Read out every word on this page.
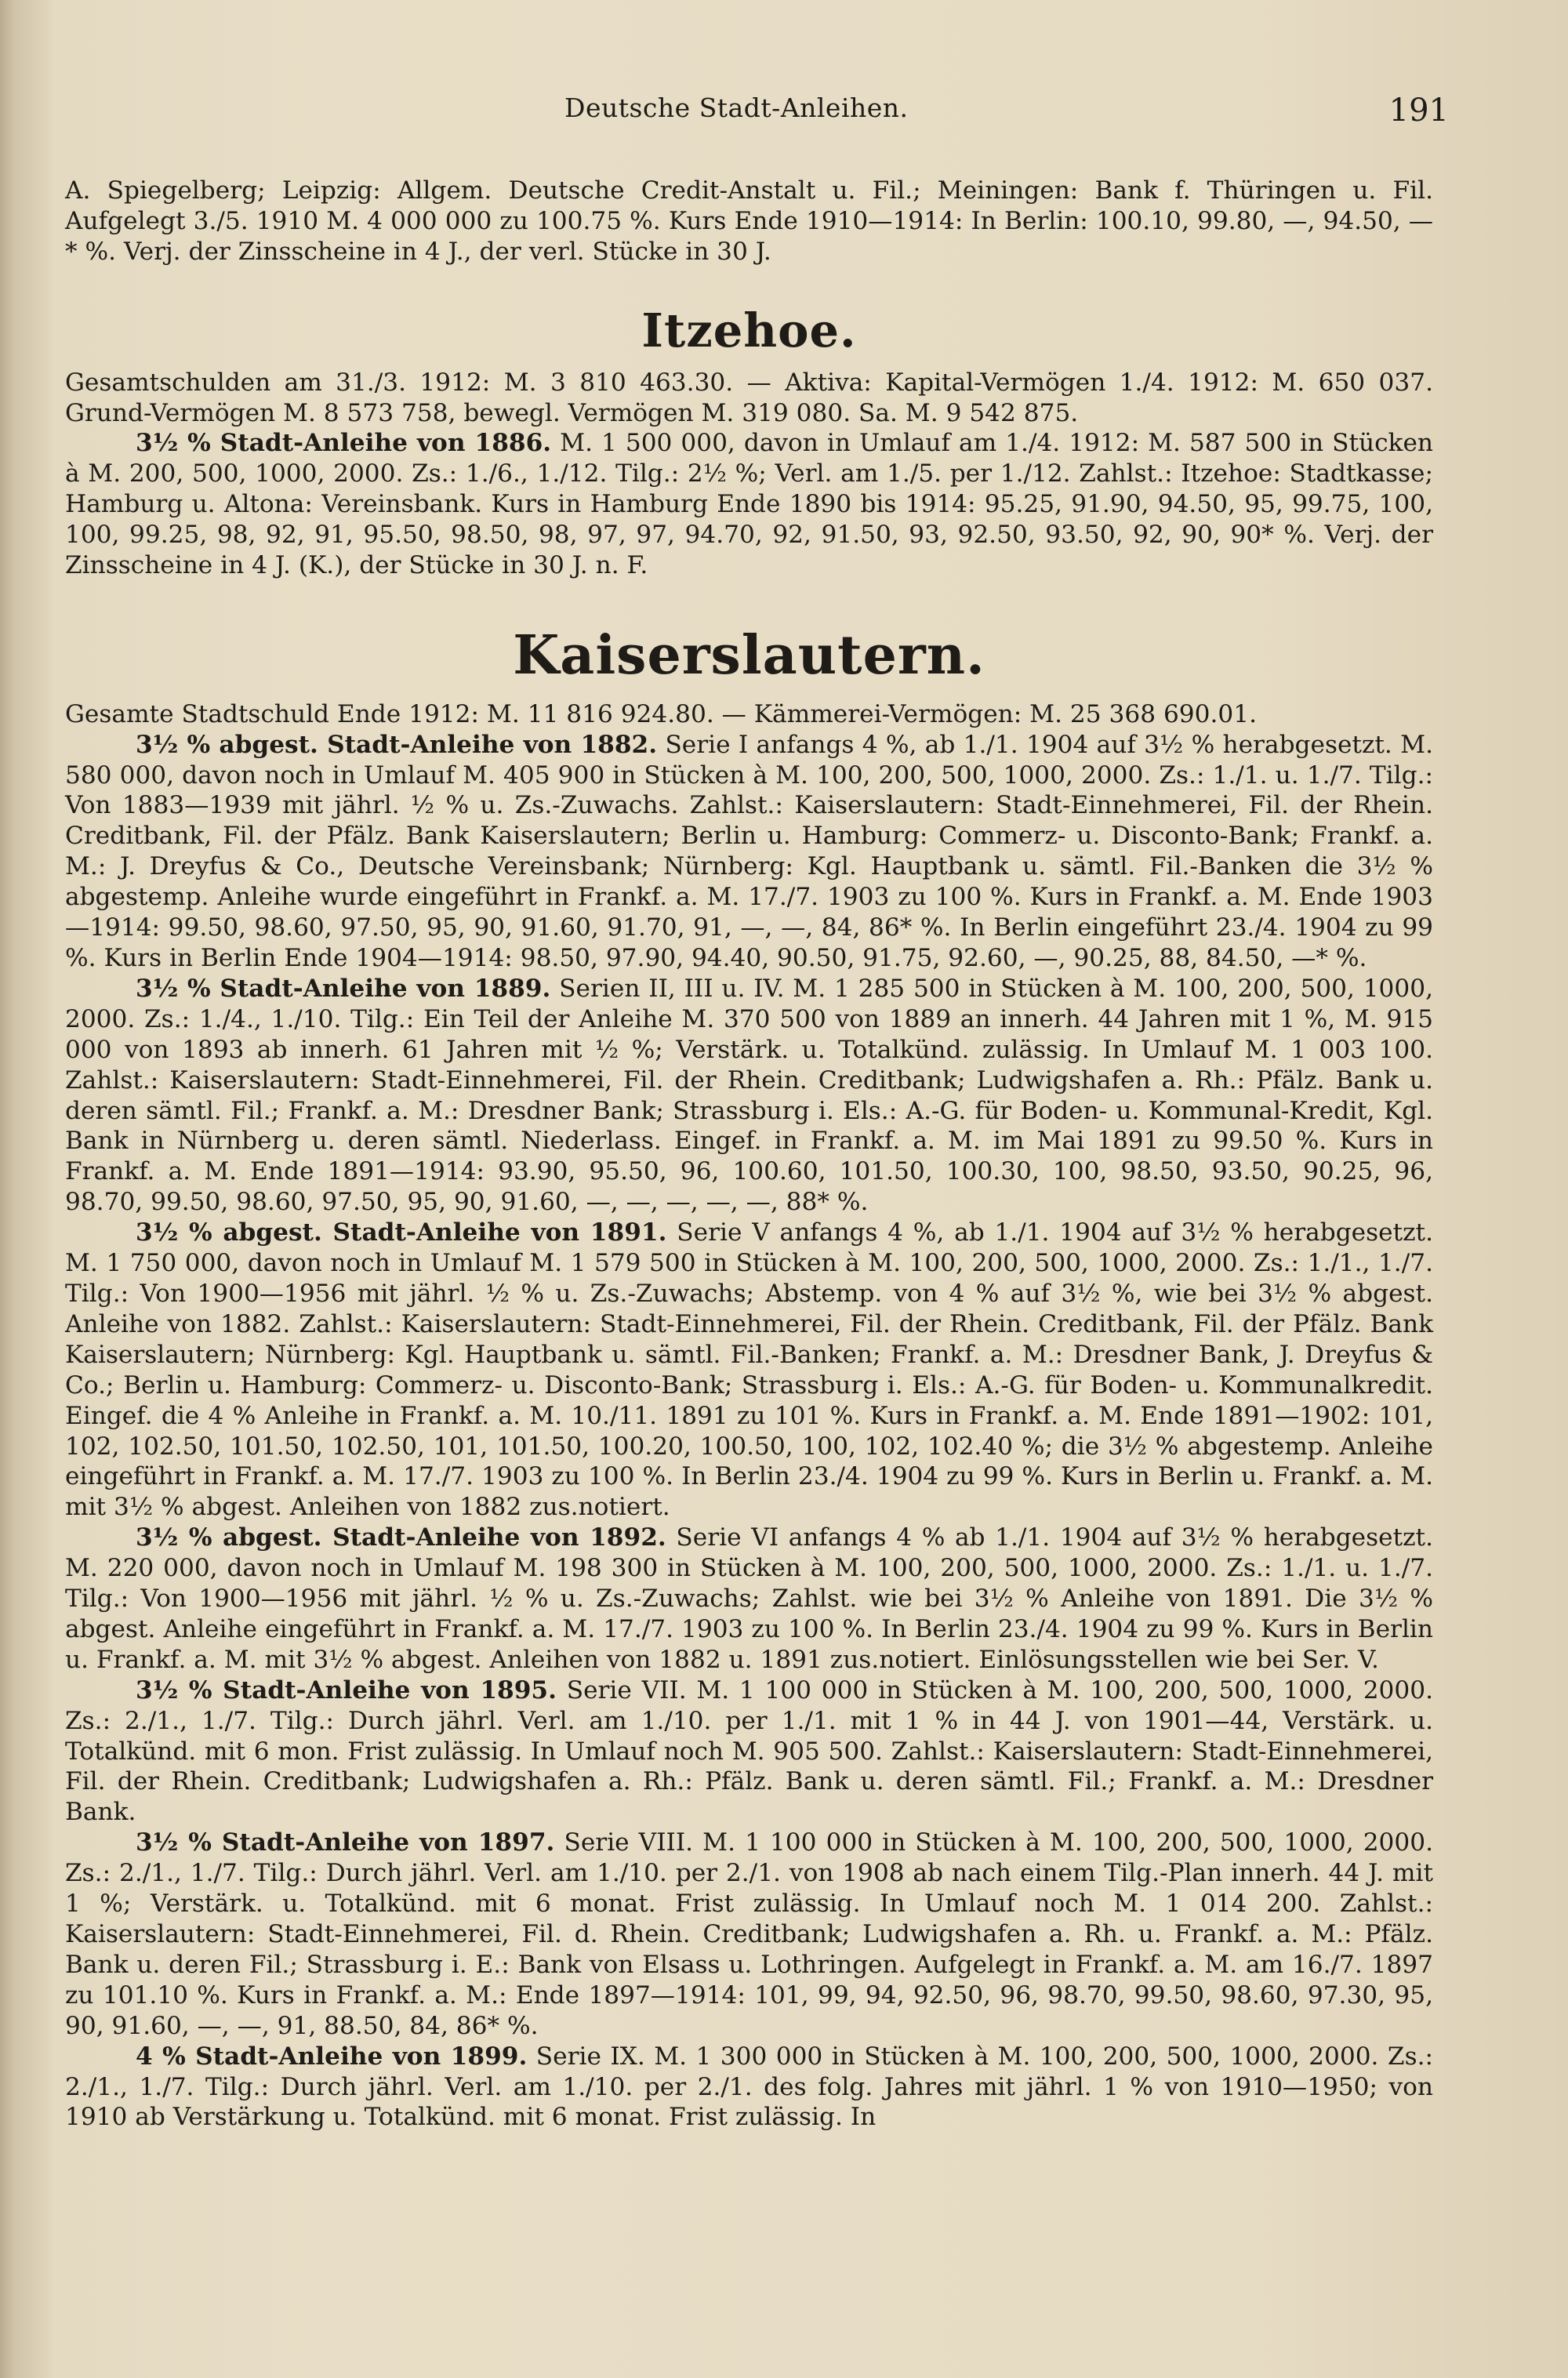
Deutsche Stadt-Anleihen.	191

A. Spiegelberg; Leipzig: Allgem. Deutsche Credit-Anstalt u. Fil.; Meiningen: Bank f. Thüringen u. Fil. Aufgelegt 3./5. 1910 M. 4 000 000 zu 100.75 %. Kurs Ende 1910—1914: In Berlin: 100.10, 99.80, —, 94.50, —* %. Verj. der Zinsscheine in 4 J., der verl. Stücke in 30 J.

Itzehoe.

Gesamtschulden am 31./3. 1912: M. 3 810 463.30. — Aktiva: Kapital-Vermögen 1./4. 1912: M. 650 037. Grund-Vermögen M. 8 573 758, bewegl. Vermögen M. 319 080. Sa. M. 9 542 875.

3½ % Stadt-Anleihe von 1886. M. 1 500 000, davon in Umlauf am 1./4. 1912: M. 587 500 in Stücken à M. 200, 500, 1000, 2000. Zs.: 1./6., 1./12. Tilg.: 2½ %; Verl. am 1./5. per 1./12. Zahlst.: Itzehoe: Stadtkasse; Hamburg u. Altona: Vereinsbank. Kurs in Hamburg Ende 1890 bis 1914: 95.25, 91.90, 94.50, 95, 99.75, 100, 100, 99.25, 98, 92, 91, 95.50, 98.50, 98, 97, 97, 94.70, 92, 91.50, 93, 92.50, 93.50, 92, 90, 90* %. Verj. der Zinsscheine in 4 J. (K.), der Stücke in 30 J. n. F.

Kaiserslautern.

Gesamte Stadtschuld Ende 1912: M. 11 816 924.80. — Kämmerei-Vermögen: M. 25 368 690.01.

3½ % abgest. Stadt-Anleihe von 1882. Serie I anfangs 4 %, ab 1./1. 1904 auf 3½ % herabgesetzt. M. 580 000, davon noch in Umlauf M. 405 900 in Stücken à M. 100, 200, 500, 1000, 2000. Zs.: 1./1. u. 1./7. Tilg.: Von 1883—1939 mit jährl. ½ % u. Zs.-Zuwachs. Zahlst.: Kaiserslautern: Stadt-Einnehmerei, Fil. der Rhein. Creditbank, Fil. der Pfälz. Bank Kaiserslautern; Berlin u. Hamburg: Commerz- u. Disconto-Bank; Frankf. a. M.: J. Dreyfus & Co., Deutsche Vereinsbank; Nürnberg: Kgl. Hauptbank u. sämtl. Fil.-Banken die 3½ % abgestemp. Anleihe wurde eingeführt in Frankf. a. M. 17./7. 1903 zu 100 %. Kurs in Frankf. a. M. Ende 1903—1914: 99.50, 98.60, 97.50, 95, 90, 91.60, 91.70, 91, —, —, 84, 86* %. In Berlin eingeführt 23./4. 1904 zu 99 %. Kurs in Berlin Ende 1904—1914: 98.50, 97.90, 94.40, 90.50, 91.75, 92.60, —, 90.25, 88, 84.50, —* %.

3½ % Stadt-Anleihe von 1889. Serien II, III u. IV. M. 1 285 500 in Stücken à M. 100, 200, 500, 1000, 2000. Zs.: 1./4., 1./10. Tilg.: Ein Teil der Anleihe M. 370 500 von 1889 an innerh. 44 Jahren mit 1 %, M. 915 000 von 1893 ab innerh. 61 Jahren mit ½ %; Verstärk. u. Totalkünd. zulässig. In Umlauf M. 1 003 100. Zahlst.: Kaiserslautern: Stadt-Einnehmerei, Fil. der Rhein. Creditbank; Ludwigshafen a. Rh.: Pfälz. Bank u. deren sämtl. Fil.; Frankf. a. M.: Dresdner Bank; Strassburg i. Els.: A.-G. für Boden- u. Kommunal-Kredit, Kgl. Bank in Nürnberg u. deren sämtl. Niederlass. Eingef. in Frankf. a. M. im Mai 1891 zu 99.50 %. Kurs in Frankf. a. M. Ende 1891—1914: 93.90, 95.50, 96, 100.60, 101.50, 100.30, 100, 98.50, 93.50, 90.25, 96, 98.70, 99.50, 98.60, 97.50, 95, 90, 91.60, —, —, —, —, —, 88* %.

3½ % abgest. Stadt-Anleihe von 1891. Serie V anfangs 4 %, ab 1./1. 1904 auf 3½ % herabgesetzt. M. 1 750 000, davon noch in Umlauf M. 1 579 500 in Stücken à M. 100, 200, 500, 1000, 2000. Zs.: 1./1., 1./7. Tilg.: Von 1900—1956 mit jährl. ½ % u. Zs.-Zuwachs; Abstemp. von 4 % auf 3½ %, wie bei 3½ % abgest. Anleihe von 1882. Zahlst.: Kaiserslautern: Stadt-Einnehmerei, Fil. der Rhein. Creditbank, Fil. der Pfälz. Bank Kaiserslautern; Nürnberg: Kgl. Hauptbank u. sämtl. Fil.-Banken; Frankf. a. M.: Dresdner Bank, J. Dreyfus & Co.; Berlin u. Hamburg: Commerz- u. Disconto-Bank; Strassburg i. Els.: A.-G. für Boden- u. Kommunalkredit. Eingef. die 4 % Anleihe in Frankf. a. M. 10./11. 1891 zu 101 %. Kurs in Frankf. a. M. Ende 1891—1902: 101, 102, 102.50, 101.50, 102.50, 101, 101.50, 100.20, 100.50, 100, 102, 102.40 %; die 3½ % abgestemp. Anleihe eingeführt in Frankf. a. M. 17./7. 1903 zu 100 %. In Berlin 23./4. 1904 zu 99 %. Kurs in Berlin u. Frankf. a. M. mit 3½ % abgest. Anleihen von 1882 zus.notiert.

3½ % abgest. Stadt-Anleihe von 1892. Serie VI anfangs 4 % ab 1./1. 1904 auf 3½ % herabgesetzt. M. 220 000, davon noch in Umlauf M. 198 300 in Stücken à M. 100, 200, 500, 1000, 2000. Zs.: 1./1. u. 1./7. Tilg.: Von 1900—1956 mit jährl. ½ % u. Zs.-Zuwachs; Zahlst. wie bei 3½ % Anleihe von 1891. Die 3½ % abgest. Anleihe eingeführt in Frankf. a. M. 17./7. 1903 zu 100 %. In Berlin 23./4. 1904 zu 99 %. Kurs in Berlin u. Frankf. a. M. mit 3½ % abgest. Anleihen von 1882 u. 1891 zus.notiert. Einlösungsstellen wie bei Ser. V.

3½ % Stadt-Anleihe von 1895. Serie VII. M. 1 100 000 in Stücken à M. 100, 200, 500, 1000, 2000. Zs.: 2./1., 1./7. Tilg.: Durch jährl. Verl. am 1./10. per 1./1. mit 1 % in 44 J. von 1901—44, Verstärk. u. Totalkünd. mit 6 mon. Frist zulässig. In Umlauf noch M. 905 500. Zahlst.: Kaiserslautern: Stadt-Einnehmerei, Fil. der Rhein. Creditbank; Ludwigshafen a. Rh.: Pfälz. Bank u. deren sämtl. Fil.; Frankf. a. M.: Dresdner Bank.

3½ % Stadt-Anleihe von 1897. Serie VIII. M. 1 100 000 in Stücken à M. 100, 200, 500, 1000, 2000. Zs.: 2./1., 1./7. Tilg.: Durch jährl. Verl. am 1./10. per 2./1. von 1908 ab nach einem Tilg.-Plan innerh. 44 J. mit 1 %; Verstärk. u. Totalkünd. mit 6 monat. Frist zulässig. In Umlauf noch M. 1 014 200. Zahlst.: Kaiserslautern: Stadt-Einnehmerei, Fil. d. Rhein. Creditbank; Ludwigshafen a. Rh. u. Frankf. a. M.: Pfälz. Bank u. deren Fil.; Strassburg i. E.: Bank von Elsass u. Lothringen. Aufgelegt in Frankf. a. M. am 16./7. 1897 zu 101.10 %. Kurs in Frankf. a. M.: Ende 1897—1914: 101, 99, 94, 92.50, 96, 98.70, 99.50, 98.60, 97.30, 95, 90, 91.60, —, —, 91, 88.50, 84, 86* %.

4 % Stadt-Anleihe von 1899. Serie IX. M. 1 300 000 in Stücken à M. 100, 200, 500, 1000, 2000. Zs.: 2./1., 1./7. Tilg.: Durch jährl. Verl. am 1./10. per 2./1. des folg. Jahres mit jährl. 1 % von 1910—1950; von 1910 ab Verstärkung u. Totalkünd. mit 6 monat. Frist zulässig. In
